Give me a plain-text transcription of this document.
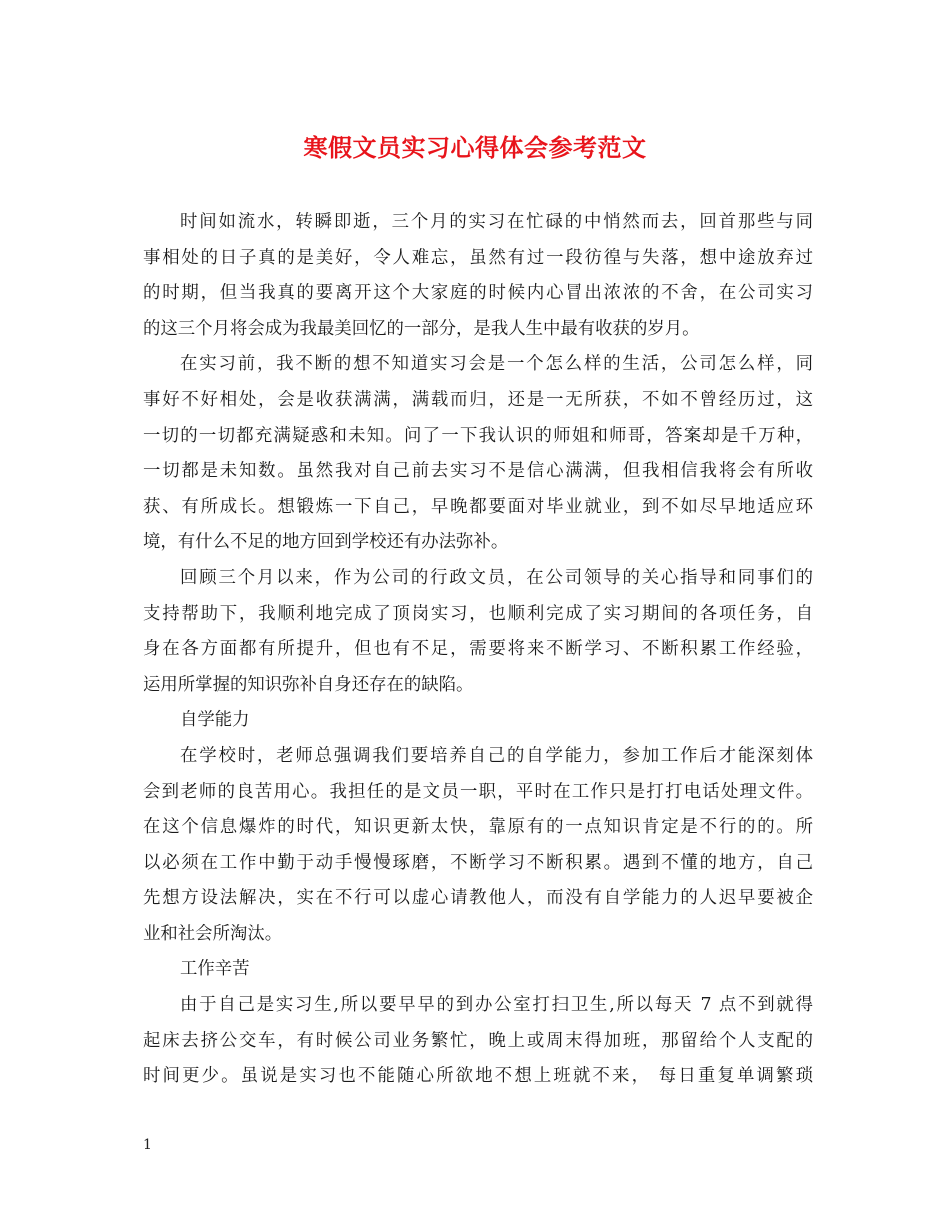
寒假文员实习心得体会参考范文
时间如流水，转瞬即逝，三个月的实习在忙碌的中悄然而去，回首那些与同
事相处的日子真的是美好，令人难忘，虽然有过一段彷徨与失落，想中途放弃过
的时期，但当我真的要离开这个大家庭的时候内心冒出浓浓的不舍，在公司实习
的这三个月将会成为我最美回忆的一部分，是我人生中最有收获的岁月。
在实习前，我不断的想不知道实习会是一个怎么样的生活，公司怎么样，同
事好不好相处，会是收获满满，满载而归，还是一无所获，不如不曾经历过，这
一切的一切都充满疑惑和未知。问了一下我认识的师姐和师哥，答案却是千万种，
一切都是未知数。虽然我对自己前去实习不是信心满满，但我相信我将会有所收
获、有所成长。想锻炼一下自己，早晚都要面对毕业就业，到不如尽早地适应环
境，有什么不足的地方回到学校还有办法弥补。
回顾三个月以来，作为公司的行政文员，在公司领导的关心指导和同事们的
支持帮助下，我顺利地完成了顶岗实习，也顺利完成了实习期间的各项任务，自
身在各方面都有所提升，但也有不足，需要将来不断学习、不断积累工作经验，
运用所掌握的知识弥补自身还存在的缺陷。
自学能力
在学校时，老师总强调我们要培养自己的自学能力，参加工作后才能深刻体
会到老师的良苦用心。我担任的是文员一职，平时在工作只是打打电话处理文件。
在这个信息爆炸的时代，知识更新太快，靠原有的一点知识肯定是不行的的。所
以必须在工作中勤于动手慢慢琢磨，不断学习不断积累。遇到不懂的地方，自己
先想方设法解决，实在不行可以虚心请教他人，而没有自学能力的人迟早要被企
业和社会所淘汰。
工作辛苦
由于自己是实习生,所以要早早的到办公室打扫卫生,所以每天 7 点不到就得
起床去挤公交车，有时候公司业务繁忙，晚上或周末得加班，那留给个人支配的
时间更少。虽说是实习也不能随心所欲地不想上班就不来， 每日重复单调繁琐
1
